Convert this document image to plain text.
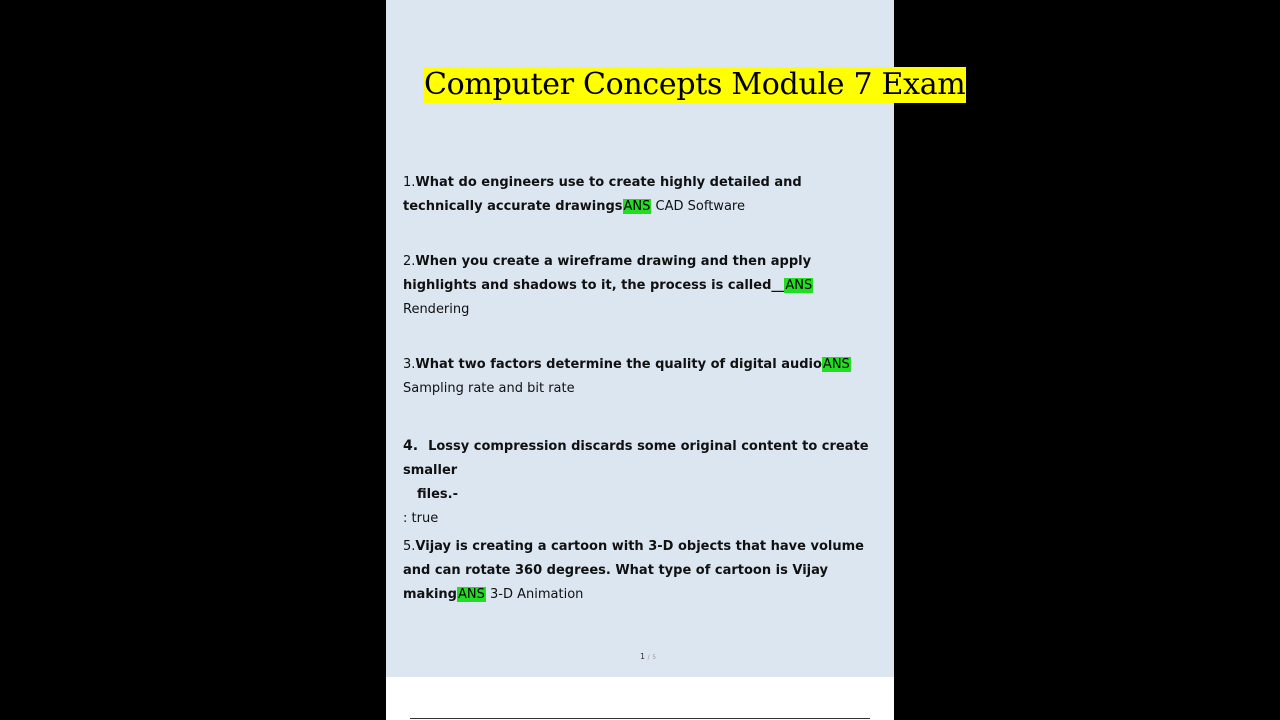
Computer Concepts Module 7 Exam

1.What do engineers use to create highly detailed and technically accurate drawingsANS CAD Software

2.When you create a wireframe drawing and then apply highlights and shadows to it, the process is called__ANS Rendering

3.What two factors determine the quality of digital audioANS Sampling rate and bit rate

4. Lossy compression discards some original content to create smaller
files.-
: true

5.Vijay is creating a cartoon with 3-D objects that have volume and can rotate 360 degrees. What type of cartoon is Vijay makingANS 3-D Animation

1 / 5
